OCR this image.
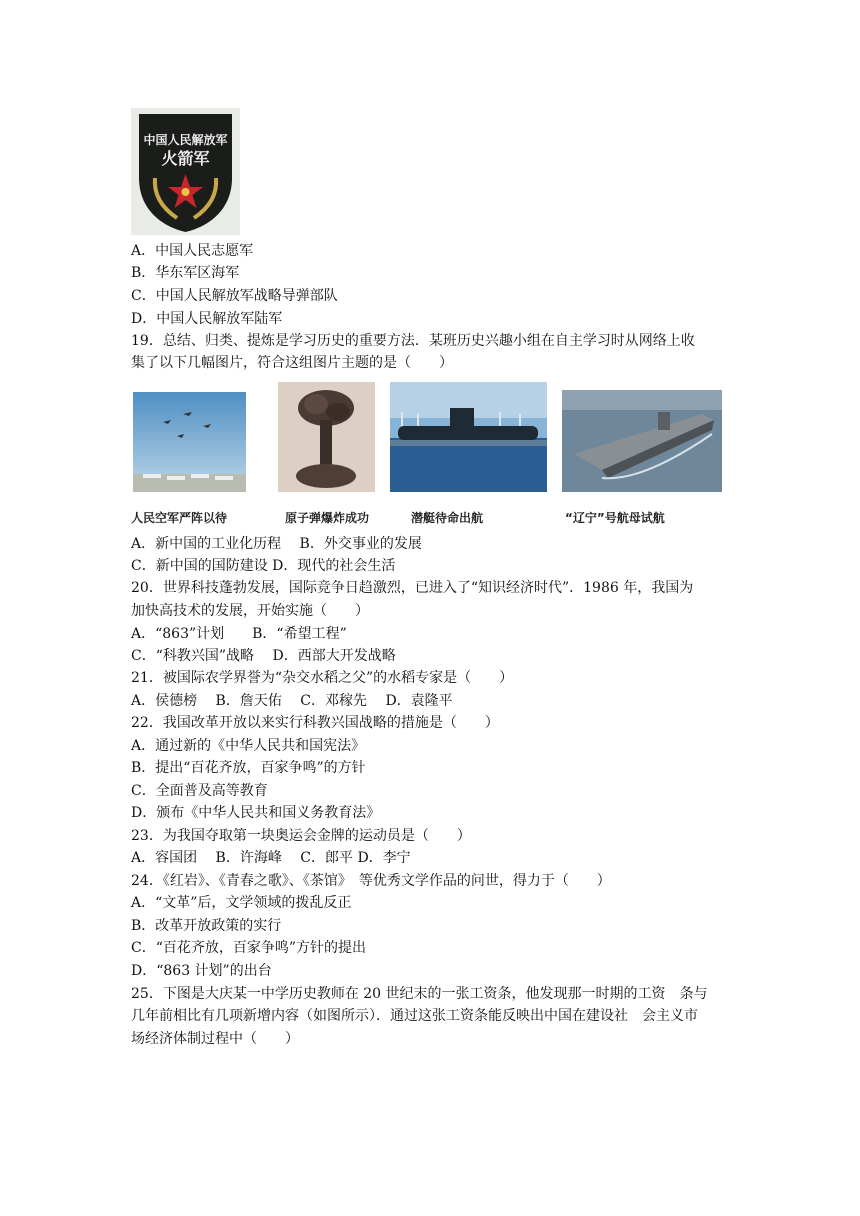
中国人民解放军
火箭军
A．中国人民志愿军
B．华东军区海军
C．中国人民解放军战略导弹部队
D．中国人民解放军陆军
19．总结、归类、提炼是学习历史的重要方法．某班历史兴趣小组在自主学习时从网络上收
集了以下几幅图片，符合这组图片主题的是（　　）
人民空军严阵以待	原子弹爆炸成功	潜艇待命出航	“辽宁”号航母试航
A．新中国的工业化历程　 B．外交事业的发展
C．新中国的国防建设 D．现代的社会生活
20．世界科技蓬勃发展，国际竞争日趋激烈，已进入了“知识经济时代”．1986 年，我国为
加快高技术的发展，开始实施（　　）
A．“863”计划　　B．“希望工程”
C．“科教兴国”战略　 D．西部大开发战略
21．被国际农学界誉为“杂交水稻之父”的水稻专家是（　　）
A．侯德榜　 B．詹天佑　 C．邓稼先　 D．袁隆平
22．我国改革开放以来实行科教兴国战略的措施是（　　）
A．通过新的《中华人民共和国宪法》
B．提出“百花齐放，百家争鸣”的方针
C．全面普及高等教育
D．颁布《中华人民共和国义务教育法》
23．为我国夺取第一块奥运会金牌的运动员是（　　）
A．容国团　 B．许海峰　 C．郎平 D．李宁
24．《红岩》、《青春之歌》、《茶馆》　等优秀文学作品的问世，得力于（　　）
A．“文革”后，文学领域的拨乱反正
B．改革开放政策的实行
C．“百花齐放，百家争鸣”方针的提出
D．“863 计划”的出台
25．下图是大庆某一中学历史教师在 20 世纪末的一张工资条，他发现那一时期的工资　条与
几年前相比有几项新增内容（如图所示）．通过这张工资条能反映出中国在建设社　会主义市
场经济体制过程中（　　）
